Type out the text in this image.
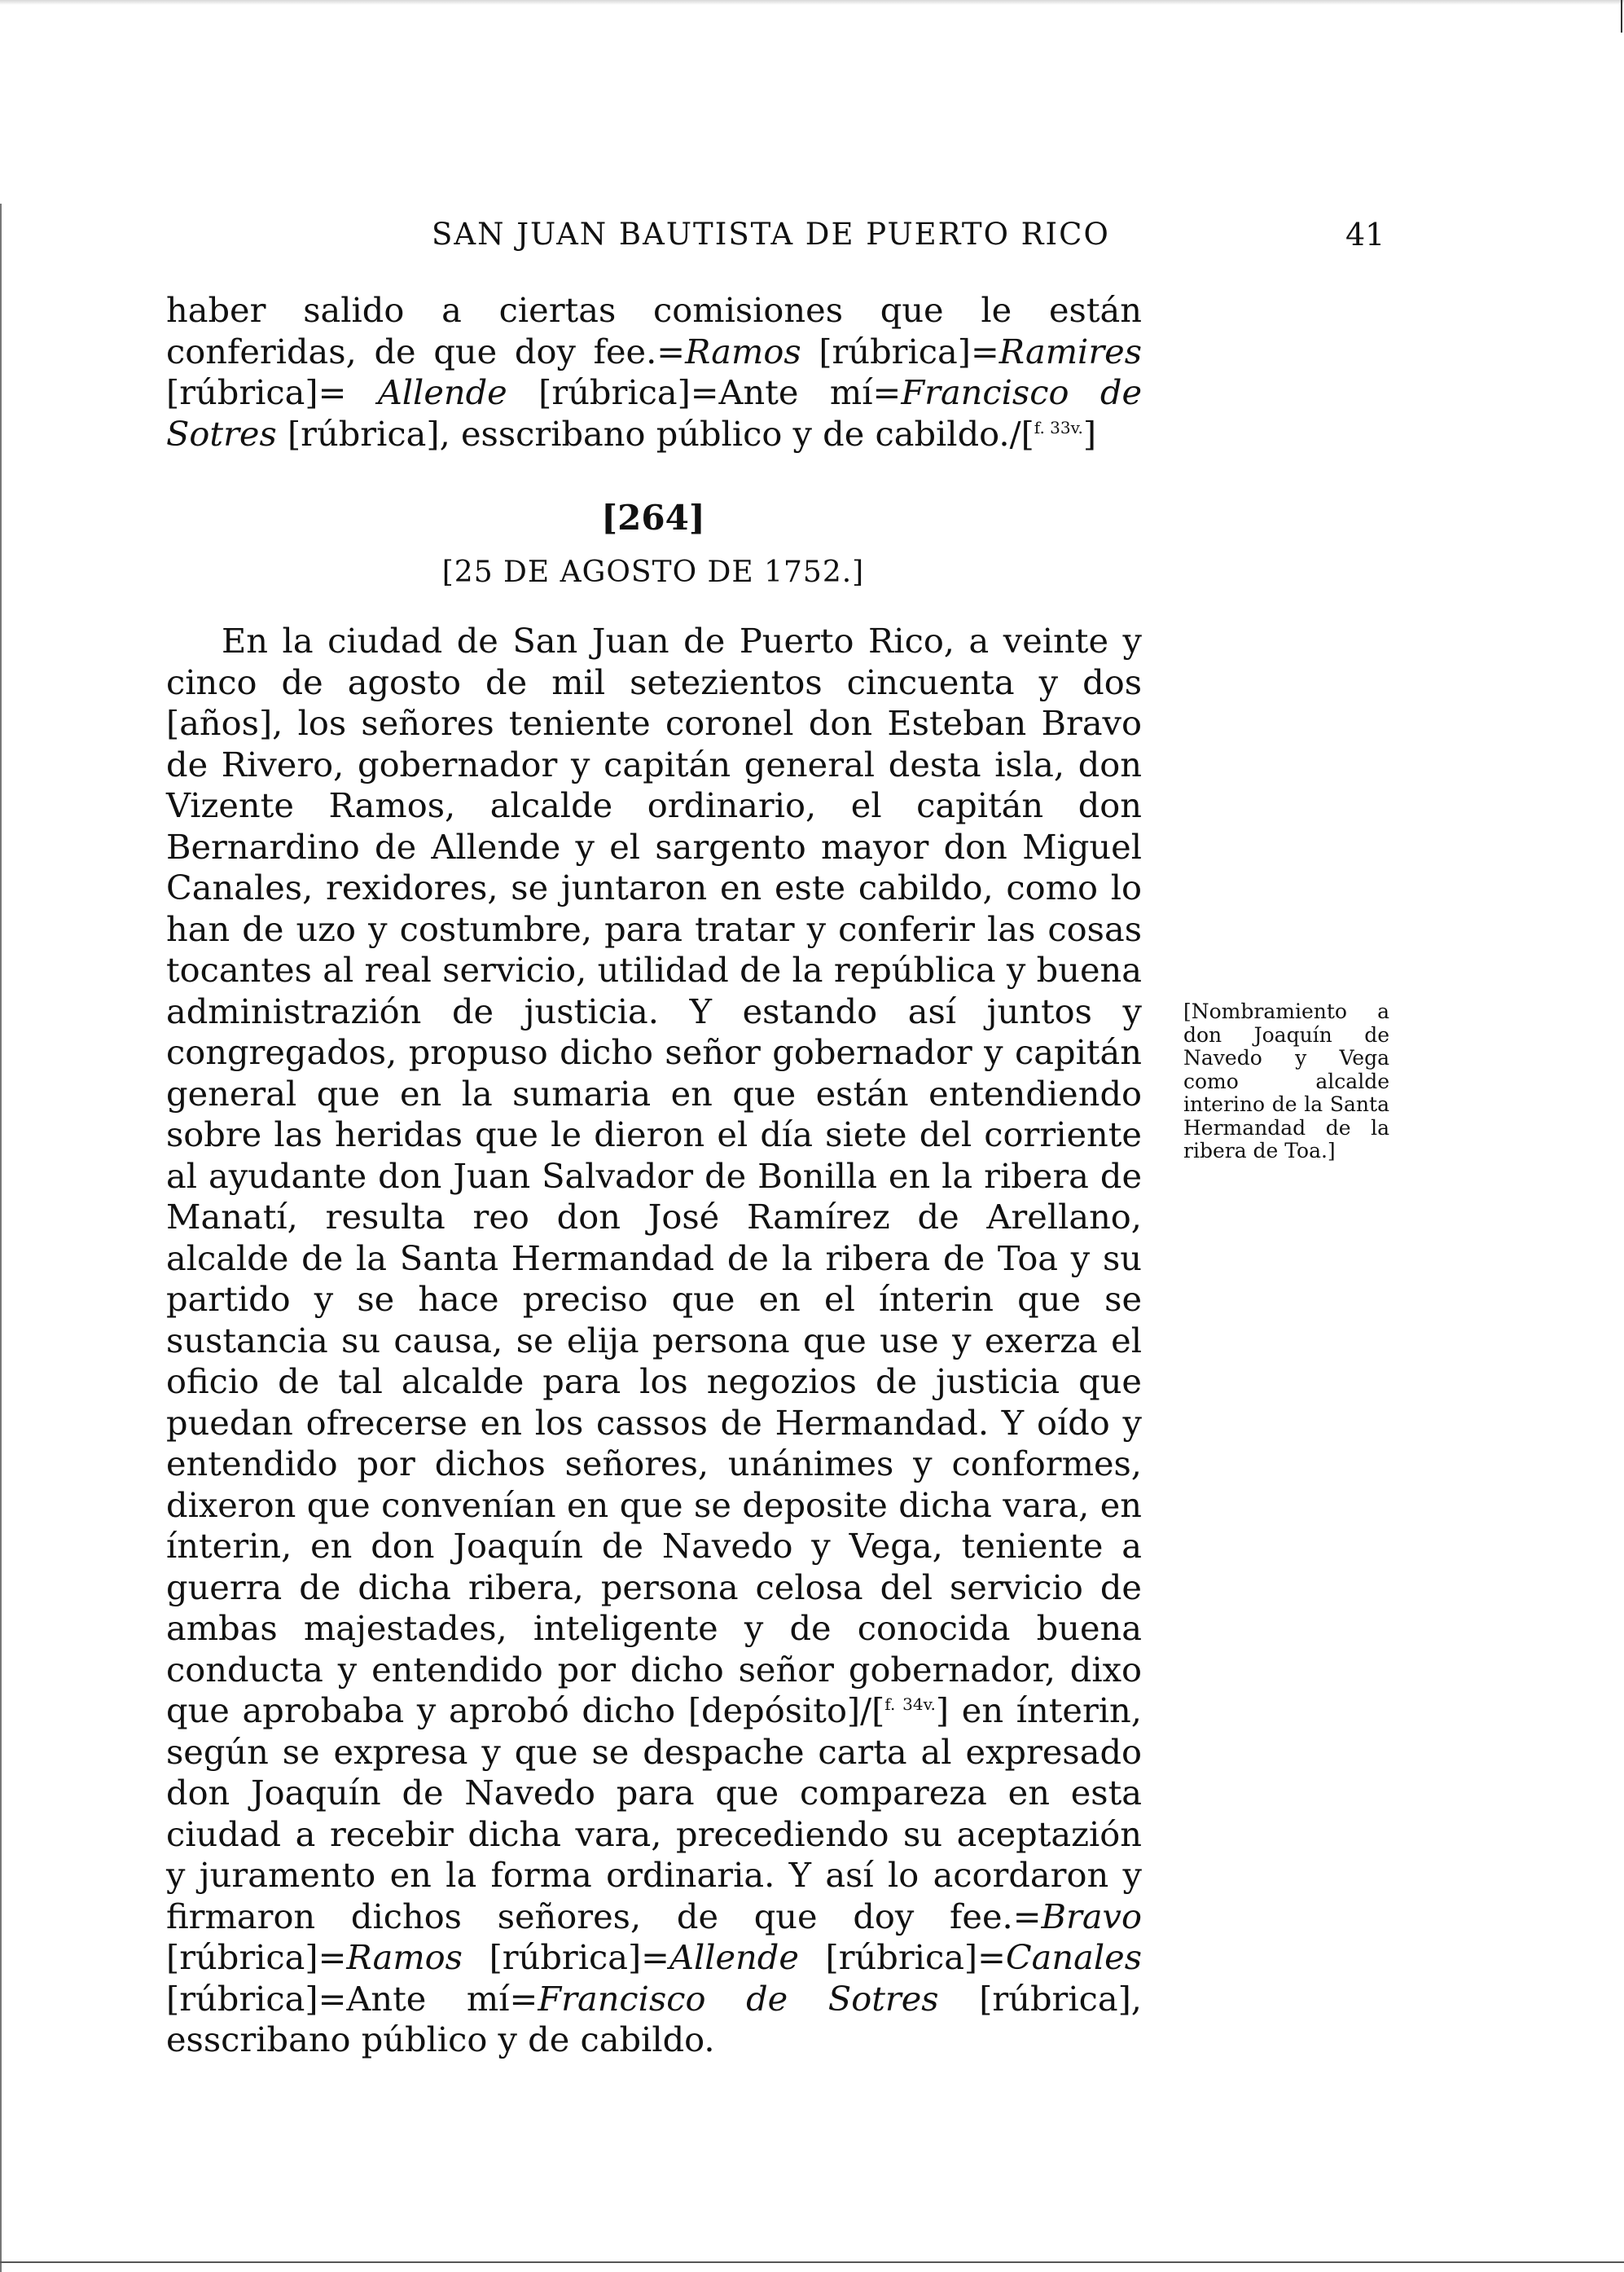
SAN JUAN BAUTISTA DE PUERTO RICO	41

haber salido a ciertas comisiones que le están conferidas, de que doy fee.=Ramos [rúbrica]=Ramires [rúbrica]= Allende [rúbrica]=Ante mí=Francisco de Sotres [rúbrica], esscribano público y de cabildo./[$^{f. 33v.}$]

[264]
[25 DE AGOSTO DE 1752.]

En la ciudad de San Juan de Puerto Rico, a veinte y cinco de agosto de mil setezientos cincuenta y dos [años], los señores teniente coronel don Esteban Bravo de Rivero, gobernador y capitán general desta isla, don Vizente Ramos, alcalde ordinario, el capitán don Bernardino de Allende y el sargento mayor don Miguel Canales, rexidores, se juntaron en este cabildo, como lo han de uzo y costumbre, para tratar y conferir las cosas tocantes al real servicio, utilidad de la república y buena administrazión de justicia. Y estando así juntos y congregados, propuso dicho señor gobernador y capitán general que en la sumaria en que están entendiendo sobre las heridas que le dieron el día siete del corriente al ayudante don Juan Salvador de Bonilla en la ribera de Manatí, resulta reo don José Ramírez de Arellano, alcalde de la Santa Hermandad de la ribera de Toa y su partido y se hace preciso que en el ínterin que se sustancia su causa, se elija persona que use y exerza el oficio de tal alcalde para los negozios de justicia que puedan ofrecerse en los cassos de Hermandad. Y oído y entendido por dichos señores, unánimes y conformes, dixeron que convenían en que se deposite dicha vara, en ínterin, en don Joaquín de Navedo y Vega, teniente a guerra de dicha ribera, persona celosa del servicio de ambas majestades, inteligente y de conocida buena conducta y entendido por dicho señor gobernador, dixo que aprobaba y aprobó dicho [depósito]/[$^{f. 34v.}$] en ínterin, según se expresa y que se despache carta al expresado don Joaquín de Navedo para que compareza en esta ciudad a recebir dicha vara, precediendo su aceptazión y juramento en la forma ordinaria. Y así lo acordaron y firmaron dichos señores, de que doy fee.=Bravo [rúbrica]=Ramos [rúbrica]=Allende [rúbrica]=Canales [rúbrica]=Ante mí=Francisco de Sotres [rúbrica], esscribano público y de cabildo.

[Nombramiento a don Joaquín de Navedo y Vega como alcalde interino de la Santa Hermandad de la ribera de Toa.]
